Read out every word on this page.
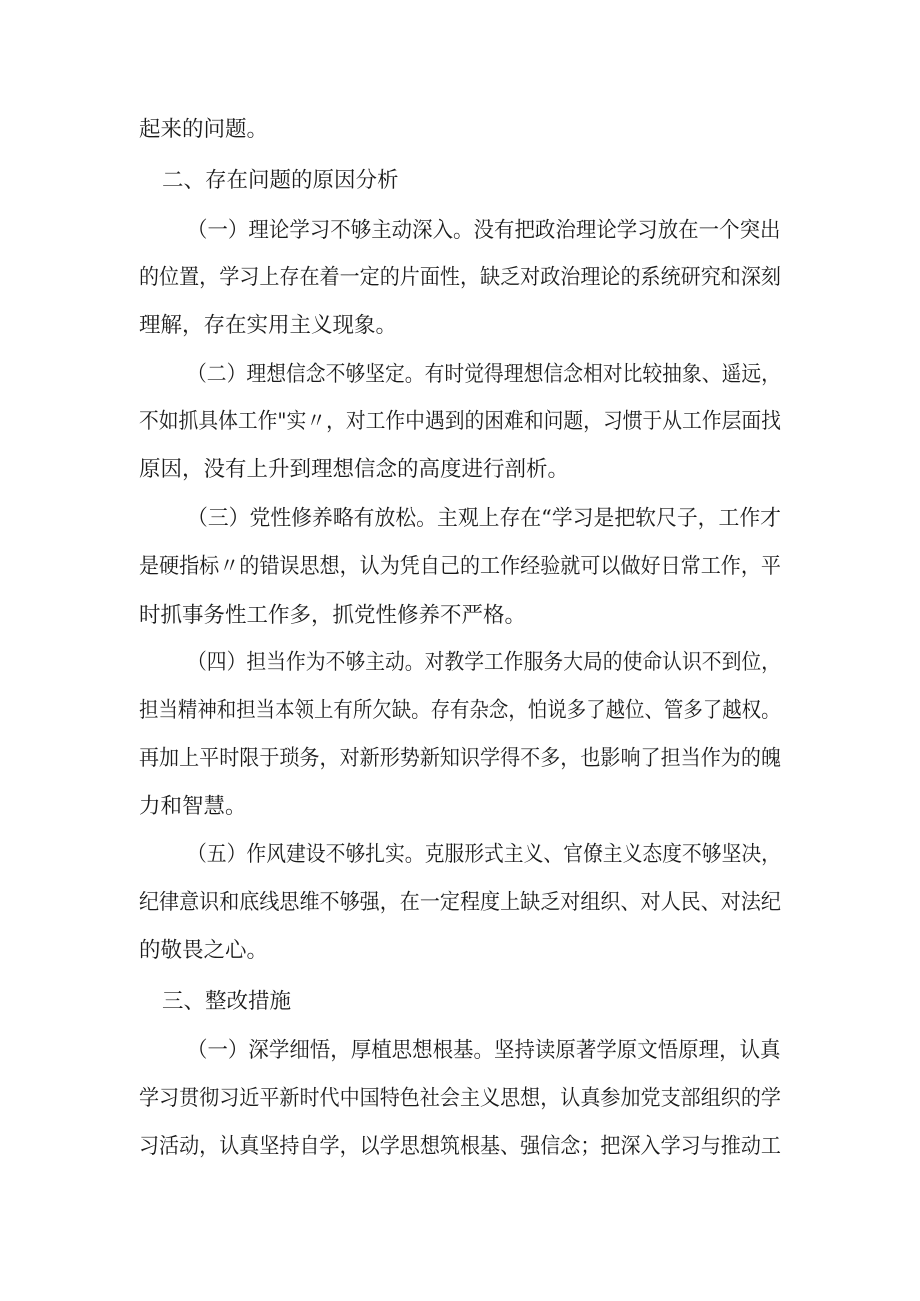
起来的问题。
二、存在问题的原因分析
（一）理论学习不够主动深入。没有把政治理论学习放在一个突出
的位置，学习上存在着一定的片面性，缺乏对政治理论的系统研究和深刻
理解，存在实用主义现象。
（二）理想信念不够坚定。有时觉得理想信念相对比较抽象、遥远，
不如抓具体工作"实〃，对工作中遇到的困难和问题，习惯于从工作层面找
原因，没有上升到理想信念的高度进行剖析。
（三）党性修养略有放松。主观上存在“学习是把软尺子，工作才
是硬指标〃的错误思想，认为凭自己的工作经验就可以做好日常工作，平
时抓事务性工作多，抓党性修养不严格。
（四）担当作为不够主动。对教学工作服务大局的使命认识不到位，
担当精神和担当本领上有所欠缺。存有杂念，怕说多了越位、管多了越权。
再加上平时限于琐务，对新形势新知识学得不多，也影响了担当作为的魄
力和智慧。
（五）作风建设不够扎实。克服形式主义、官僚主义态度不够坚决，
纪律意识和底线思维不够强，在一定程度上缺乏对组织、对人民、对法纪
的敬畏之心。
三、整改措施
（一）深学细悟，厚植思想根基。坚持读原著学原文悟原理，认真
学习贯彻习近平新时代中国特色社会主义思想，认真参加党支部组织的学
习活动，认真坚持自学，以学思想筑根基、强信念；把深入学习与推动工
